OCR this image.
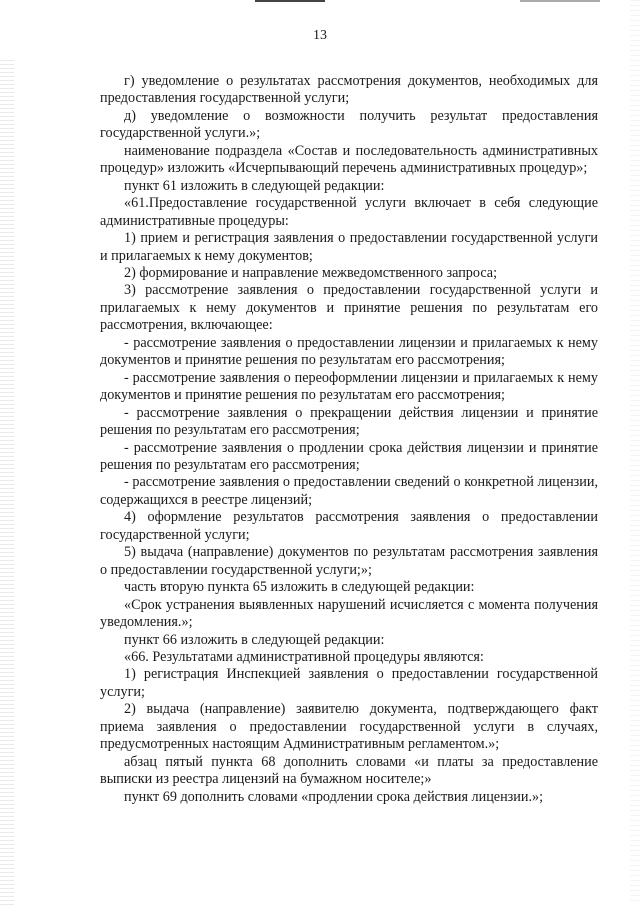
13

г) уведомление о результатах рассмотрения документов, необходимых для предоставления государственной услуги;

д) уведомление о возможности получить результат предоставления государственной услуги.»;

наименование подраздела «Состав и последовательность административных процедур» изложить «Исчерпывающий перечень административных процедур»;

пункт 61 изложить в следующей редакции:

«61.Предоставление государственной услуги включает в себя следующие административные процедуры:

1) прием и регистрация заявления о предоставлении государственной услуги и прилагаемых к нему документов;

2) формирование и направление межведомственного запроса;

3) рассмотрение заявления о предоставлении государственной услуги и прилагаемых к нему документов и принятие решения по результатам его рассмотрения, включающее:

- рассмотрение заявления о предоставлении лицензии и прилагаемых к нему документов и принятие решения по результатам его рассмотрения;

- рассмотрение заявления о переоформлении лицензии и прилагаемых к нему документов и принятие решения по результатам его рассмотрения;

- рассмотрение заявления о прекращении действия лицензии и принятие решения по результатам его рассмотрения;

- рассмотрение заявления о продлении срока действия лицензии и принятие решения по результатам его рассмотрения;

- рассмотрение заявления о предоставлении сведений о конкретной лицензии, содержащихся в реестре лицензий;

4) оформление результатов рассмотрения заявления о предоставлении государственной услуги;

5) выдача (направление) документов по результатам рассмотрения заявления о предоставлении государственной услуги;»;

часть вторую пункта 65 изложить в следующей редакции:

«Срок устранения выявленных нарушений исчисляется с момента получения уведомления.»;

пункт 66 изложить в следующей редакции:

«66. Результатами административной процедуры являются:

1) регистрация Инспекцией заявления о предоставлении государственной услуги;

2) выдача (направление) заявителю документа, подтверждающего факт приема заявления о предоставлении государственной услуги в случаях, предусмотренных настоящим Административным регламентом.»;

абзац пятый пункта 68 дополнить словами «и платы за предоставление выписки из реестра лицензий на бумажном носителе;»

пункт 69 дополнить словами «продлении срока действия лицензии.»;
